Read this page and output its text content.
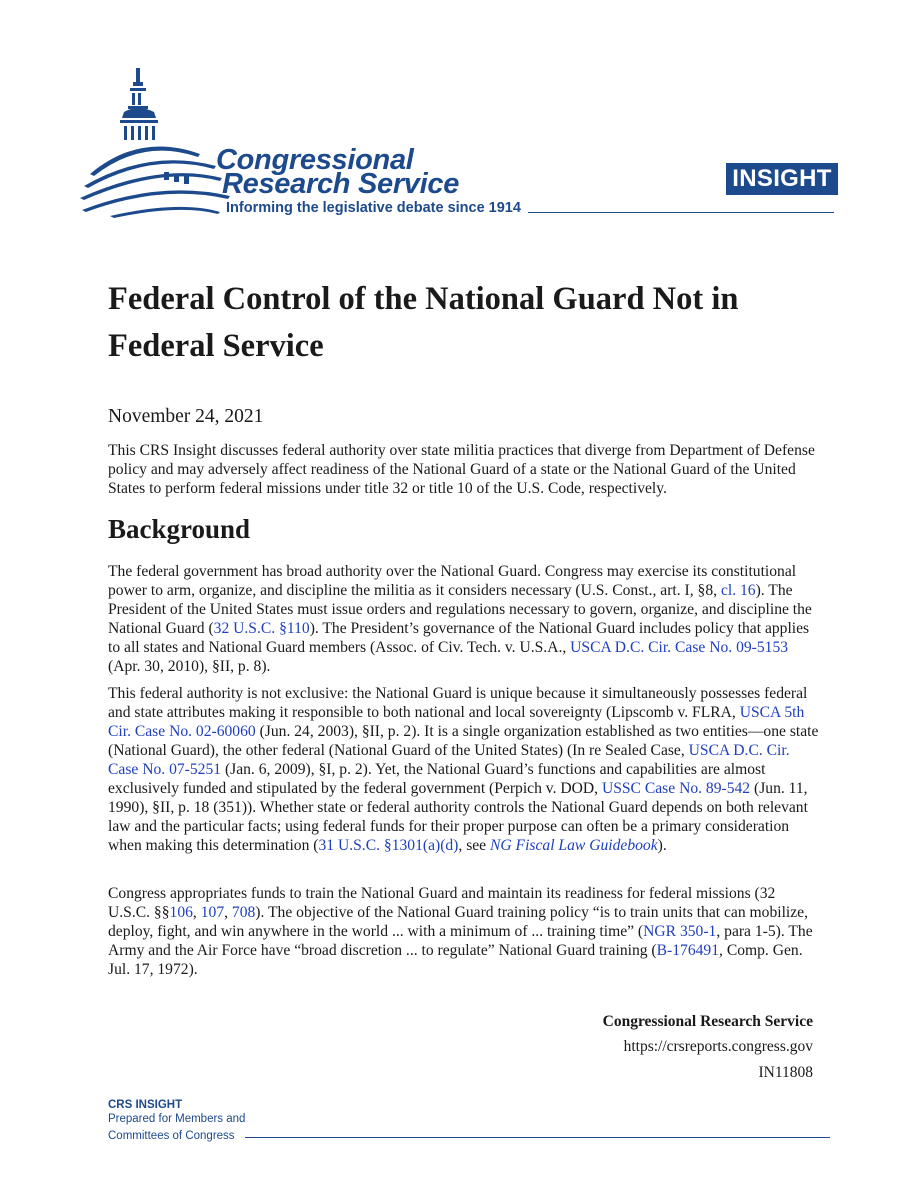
Congressional
Research Service
Informing the legislative debate since 1914
INSIGHT
Federal Control of the National Guard Not in Federal Service
November 24, 2021

This CRS Insight discusses federal authority over state militia practices that diverge from Department of Defense policy and may adversely affect readiness of the National Guard of a state or the National Guard of the United States to perform federal missions under title 32 or title 10 of the U.S. Code, respectively.

Background

The federal government has broad authority over the National Guard. Congress may exercise its constitutional power to arm, organize, and discipline the militia as it considers necessary (U.S. Const., art. I, §8, cl. 16). The President of the United States must issue orders and regulations necessary to govern, organize, and discipline the National Guard (32 U.S.C. §110). The President’s governance of the National Guard includes policy that applies to all states and National Guard members (Assoc. of Civ. Tech. v. U.S.A., USCA D.C. Cir. Case No. 09-5153 (Apr. 30, 2010), §II, p. 8).

This federal authority is not exclusive: the National Guard is unique because it simultaneously possesses federal and state attributes making it responsible to both national and local sovereignty (Lipscomb v. FLRA, USCA 5th Cir. Case No. 02-60060 (Jun. 24, 2003), §II, p. 2). It is a single organization established as two entities—one state (National Guard), the other federal (National Guard of the United States) (In re Sealed Case, USCA D.C. Cir. Case No. 07-5251 (Jan. 6, 2009), §I, p. 2). Yet, the National Guard’s functions and capabilities are almost exclusively funded and stipulated by the federal government (Perpich v. DOD, USSC Case No. 89-542 (Jun. 11, 1990), §II, p. 18 (351)). Whether state or federal authority controls the National Guard depends on both relevant law and the particular facts; using federal funds for their proper purpose can often be a primary consideration when making this determination (31 U.S.C. §1301(a)(d), see NG Fiscal Law Guidebook).

Congress appropriates funds to train the National Guard and maintain its readiness for federal missions (32 U.S.C. §§106, 107, 708). The objective of the National Guard training policy “is to train units that can mobilize, deploy, fight, and win anywhere in the world ... with a minimum of ... training time” (NGR 350-1, para 1-5). The Army and the Air Force have “broad discretion ... to regulate” National Guard training (B-176491, Comp. Gen. Jul. 17, 1972).

Congressional Research Service
https://crsreports.congress.gov
IN11808
CRS INSIGHT
Prepared for Members and
Committees of Congress
